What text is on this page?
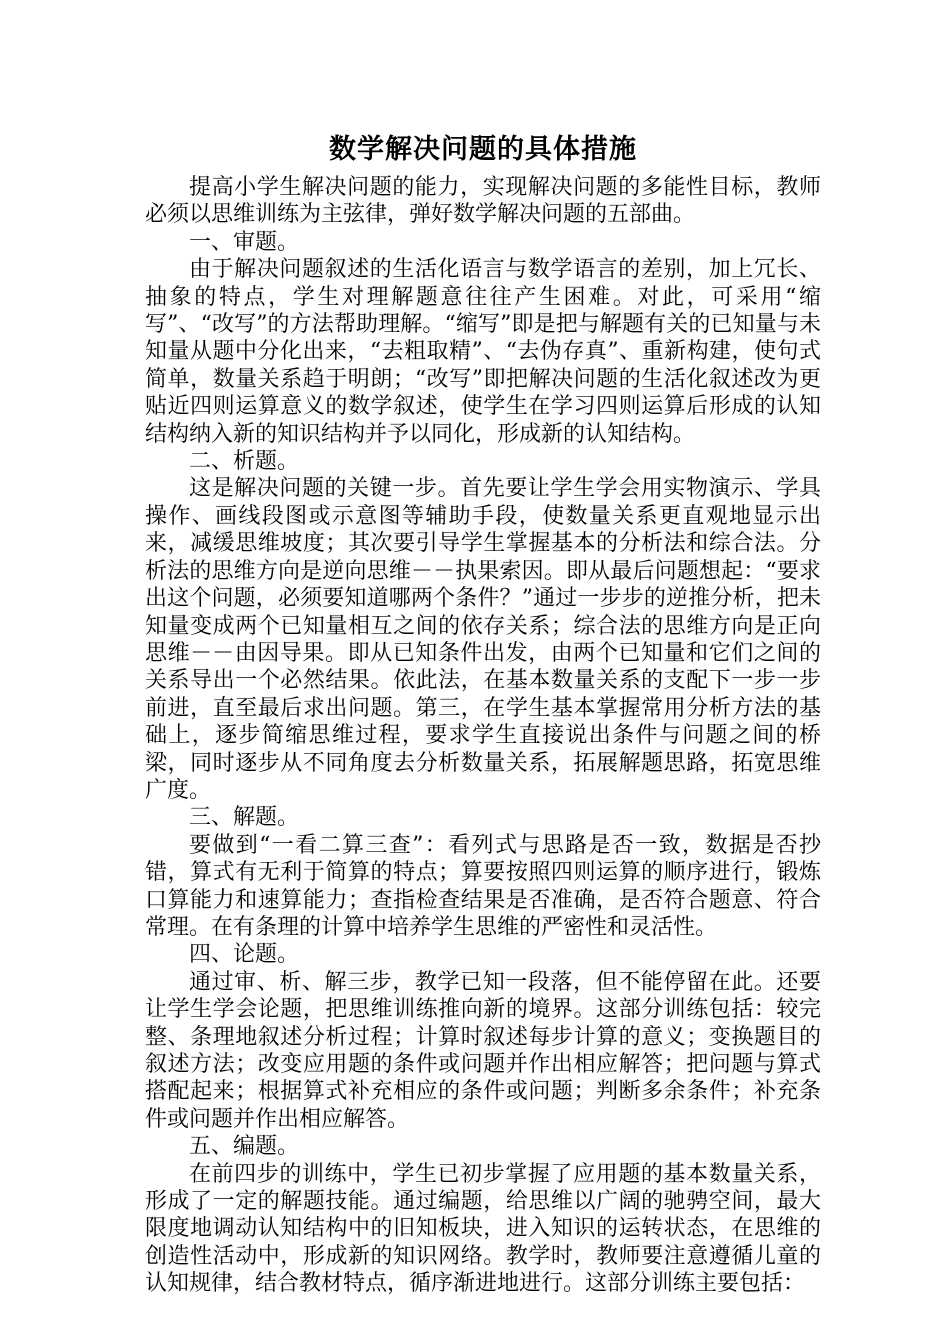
数学解决问题的具体措施

提高小学生解决问题的能力，实现解决问题的多能性目标，教师必须以思维训练为主弦律，弹好数学解决问题的五部曲。

一、审题。

由于解决问题叙述的生活化语言与数学语言的差别，加上冗长、抽象的特点，学生对理解题意往往产生困难。对此，可采用“缩写”、“改写”的方法帮助理解。“缩写”即是把与解题有关的已知量与未知量从题中分化出来，“去粗取精”、“去伪存真”、重新构建，使句式简单，数量关系趋于明朗；“改写”即把解决问题的生活化叙述改为更贴近四则运算意义的数学叙述，使学生在学习四则运算后形成的认知结构纳入新的知识结构并予以同化，形成新的认知结构。

二、析题。

这是解决问题的关键一步。首先要让学生学会用实物演示、学具操作、画线段图或示意图等辅助手段，使数量关系更直观地显示出来，减缓思维坡度；其次要引导学生掌握基本的分析法和综合法。分析法的思维方向是逆向思维－－执果索因。即从最后问题想起：“要求出这个问题，必须要知道哪两个条件？”通过一步步的逆推分析，把未知量变成两个已知量相互之间的依存关系；综合法的思维方向是正向思维－－由因导果。即从已知条件出发，由两个已知量和它们之间的关系导出一个必然结果。依此法，在基本数量关系的支配下一步一步前进，直至最后求出问题。第三，在学生基本掌握常用分析方法的基础上，逐步简缩思维过程，要求学生直接说出条件与问题之间的桥梁，同时逐步从不同角度去分析数量关系，拓展解题思路，拓宽思维广度。

三、解题。

要做到“一看二算三查”：看列式与思路是否一致，数据是否抄错，算式有无利于简算的特点；算要按照四则运算的顺序进行，锻炼口算能力和速算能力；查指检查结果是否准确，是否符合题意、符合常理。在有条理的计算中培养学生思维的严密性和灵活性。

四、论题。

通过审、析、解三步，教学已知一段落，但不能停留在此。还要让学生学会论题，把思维训练推向新的境界。这部分训练包括：较完整、条理地叙述分析过程；计算时叙述每步计算的意义；变换题目的叙述方法；改变应用题的条件或问题并作出相应解答；把问题与算式搭配起来；根据算式补充相应的条件或问题；判断多余条件；补充条件或问题并作出相应解答。

五、编题。

在前四步的训练中，学生已初步掌握了应用题的基本数量关系，形成了一定的解题技能。通过编题，给思维以广阔的驰骋空间，最大限度地调动认知结构中的旧知板块，进入知识的运转状态，在思维的创造性活动中，形成新的知识网络。教学时，教师要注意遵循儿童的认知规律，结合教材特点，循序渐进地进行。这部分训练主要包括：
